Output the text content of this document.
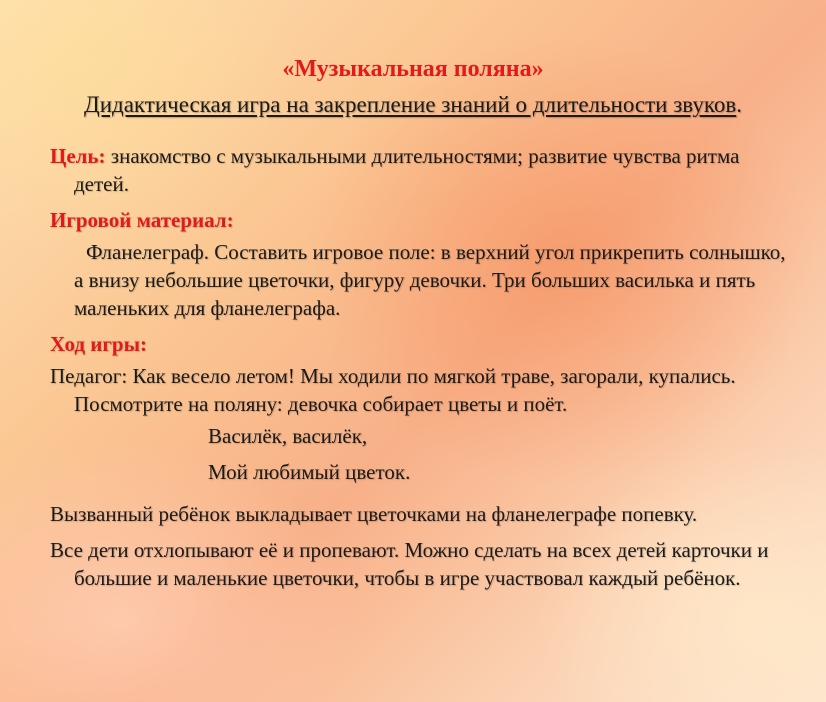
«Музыкальная поляна»
Дидактическая игра на закрепление знаний о длительности звуков.

Цель: знакомство с музыкальными длительностями; развитие чувства ритма детей.

Игровой материал:

Фланелеграф. Составить игровое поле: в верхний угол прикрепить солнышко, а внизу небольшие цветочки, фигуру девочки. Три больших василька и пять маленьких для фланелеграфа.

Ход игры:

Педагог: Как весело летом! Мы ходили по мягкой траве, загорали, купались. Посмотрите на поляну: девочка собирает цветы и поёт.

Василёк, василёк,
Мой любимый цветок.

Вызванный ребёнок выкладывает цветочками на фланелеграфе попевку.

Все дети отхлопывают её и пропевают. Можно сделать на всех детей карточки и большие и маленькие цветочки, чтобы в игре участвовал каждый ребёнок.
